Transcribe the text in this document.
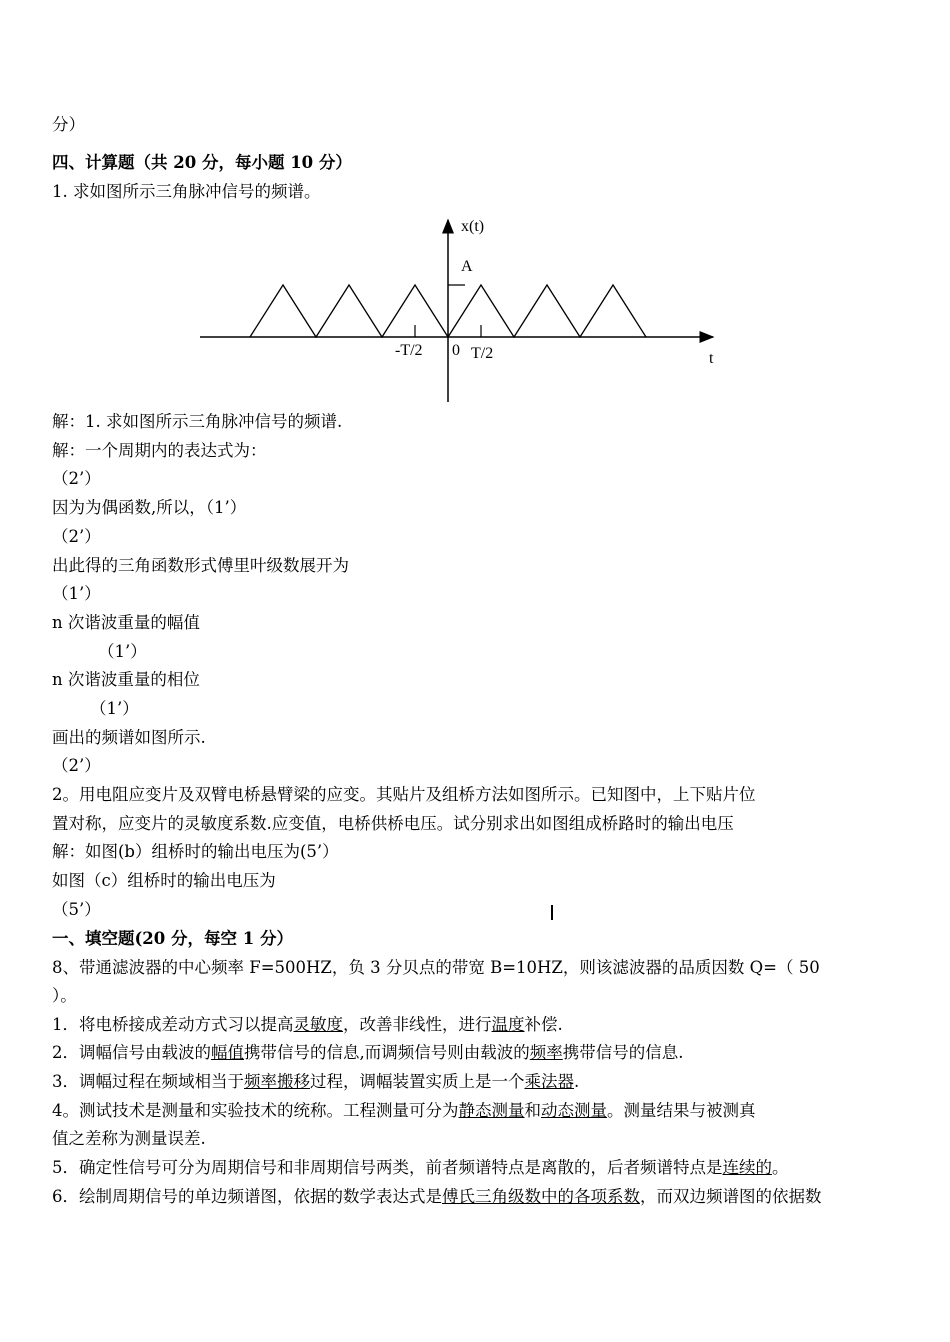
分）
四、计算题（共 20 分，每小题 10 分）
1. 求如图所示三角脉冲信号的频谱。
x(t)
A
t
-T/2 0 T/2
解：1. 求如图所示三角脉冲信号的频谱.
解：一个周期内的表达式为：
（2’）
因为为偶函数,所以，（1’）
（2’）
出此得的三角函数形式傅里叶级数展开为
（1’）
n 次谐波重量的幅值
（1’）
n 次谐波重量的相位
（1’）
画出的频谱如图所示.
（2’）
2。用电阻应变片及双臂电桥悬臂梁的应变。其贴片及组桥方法如图所示。已知图中，上下贴片位
置对称，应变片的灵敏度系数.应变值，电桥供桥电压。试分别求出如图组成桥路时的输出电压
解：如图(b）组桥时的输出电压为(5’）
如图（c）组桥时的输出电压为
（5’）
一、填空题(20 分，每空 1 分）
8、带通滤波器的中心频率 F=500HZ，负 3 分贝点的带宽 B=10HZ，则该滤波器的品质因数 Q=（ 50
）。
1．将电桥接成差动方式习以提高灵敏度，改善非线性，进行温度补偿.
2．调幅信号由载波的幅值携带信号的信息,而调频信号则由载波的频率携带信号的信息.
3．调幅过程在频域相当于频率搬移过程，调幅装置实质上是一个乘法器.
4。测试技术是测量和实验技术的统称。工程测量可分为静态测量和动态测量。测量结果与被测真
值之差称为测量误差.
5．确定性信号可分为周期信号和非周期信号两类，前者频谱特点是离散的，后者频谱特点是连续的。
6．绘制周期信号的单边频谱图，依据的数学表达式是傅氏三角级数中的各项系数，而双边频谱图的依据数
